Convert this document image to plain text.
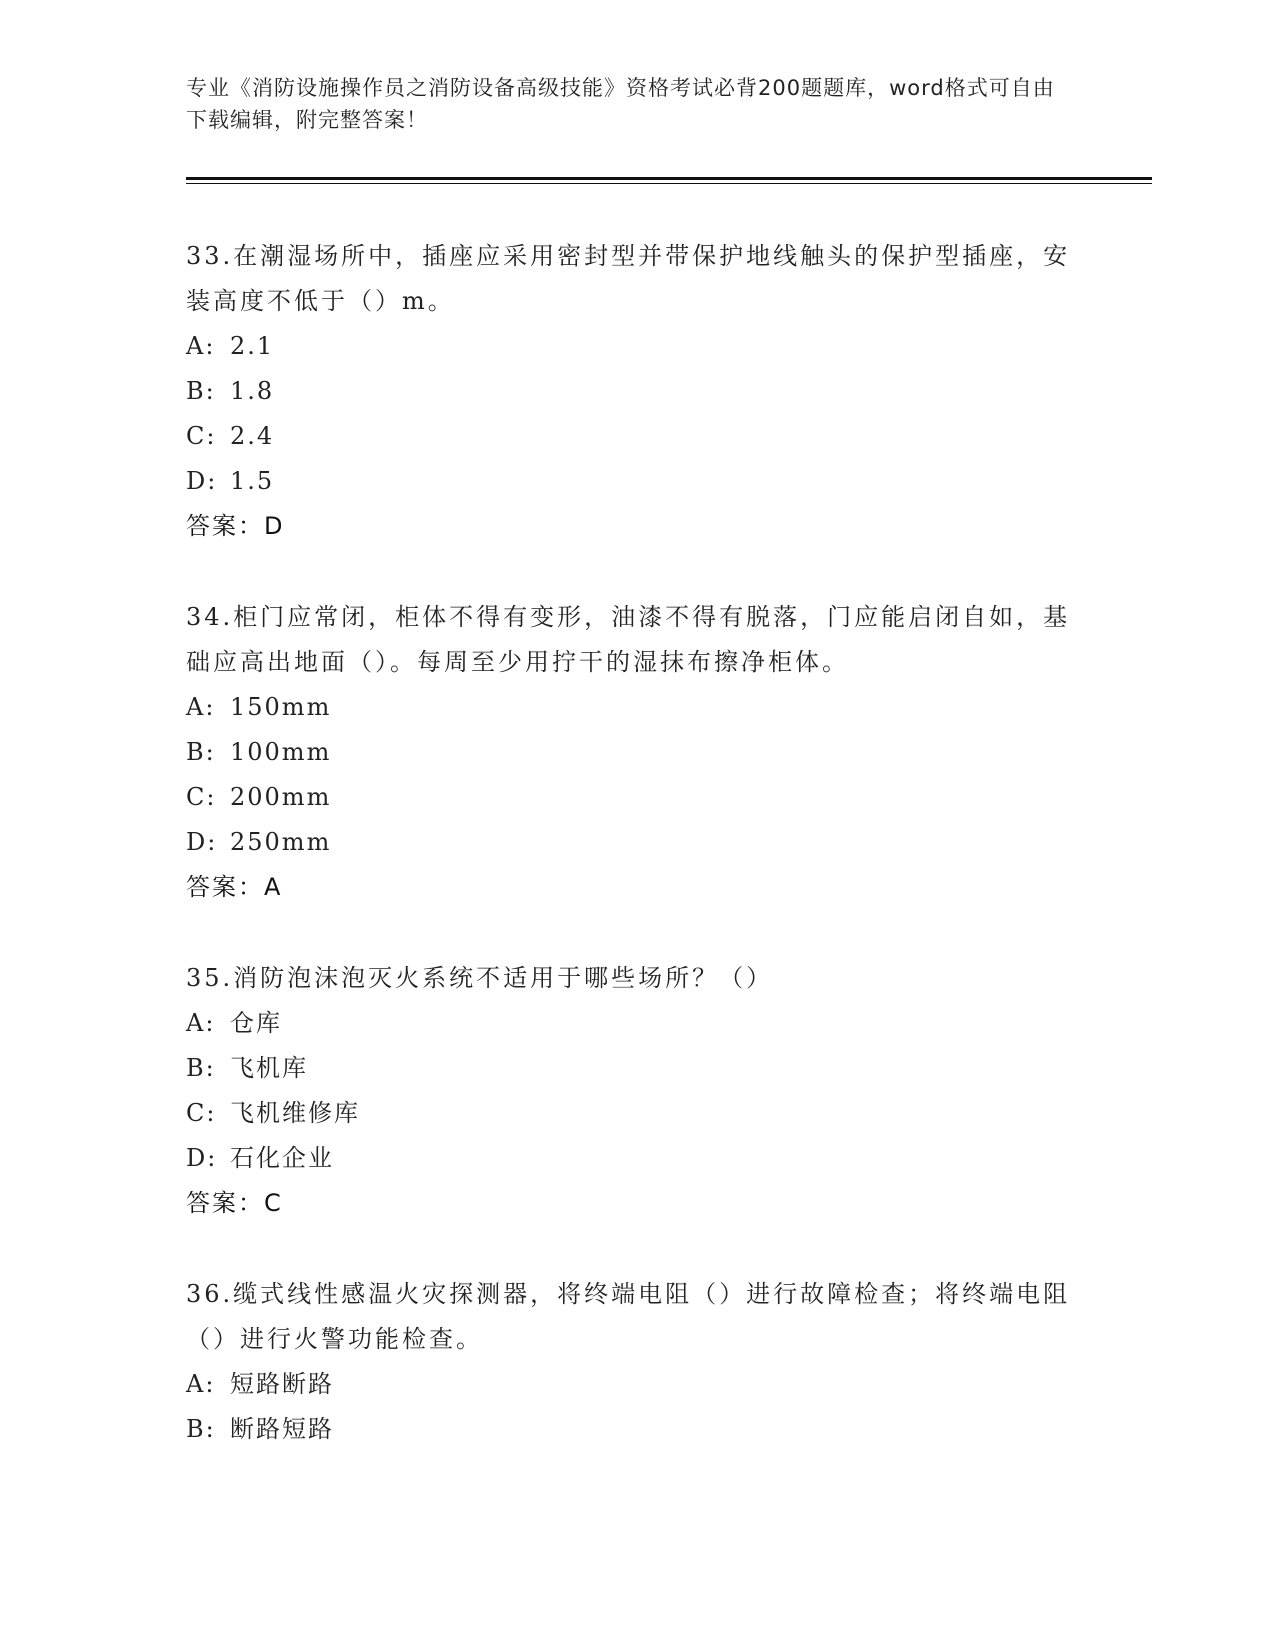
专业《消防设施操作员之消防设备高级技能》资格考试必背200题题库，word格式可自由下载编辑，附完整答案！
33.在潮湿场所中，插座应采用密封型并带保护地线触头的保护型插座，安装高度不低于（）m。
A: 2.1
B: 1.8
C: 2.4
D: 1.5
答案：D
34.柜门应常闭，柜体不得有变形，油漆不得有脱落，门应能启闭自如，基础应高出地面（）。每周至少用拧干的湿抹布擦净柜体。
A: 150mm
B: 100mm
C: 200mm
D: 250mm
答案：A
35.消防泡沫泡灭火系统不适用于哪些场所？（）
A: 仓库
B: 飞机库
C: 飞机维修库
D: 石化企业
答案：C
36.缆式线性感温火灾探测器，将终端电阻（）进行故障检查；将终端电阻（）进行火警功能检查。
A: 短路断路
B: 断路短路
